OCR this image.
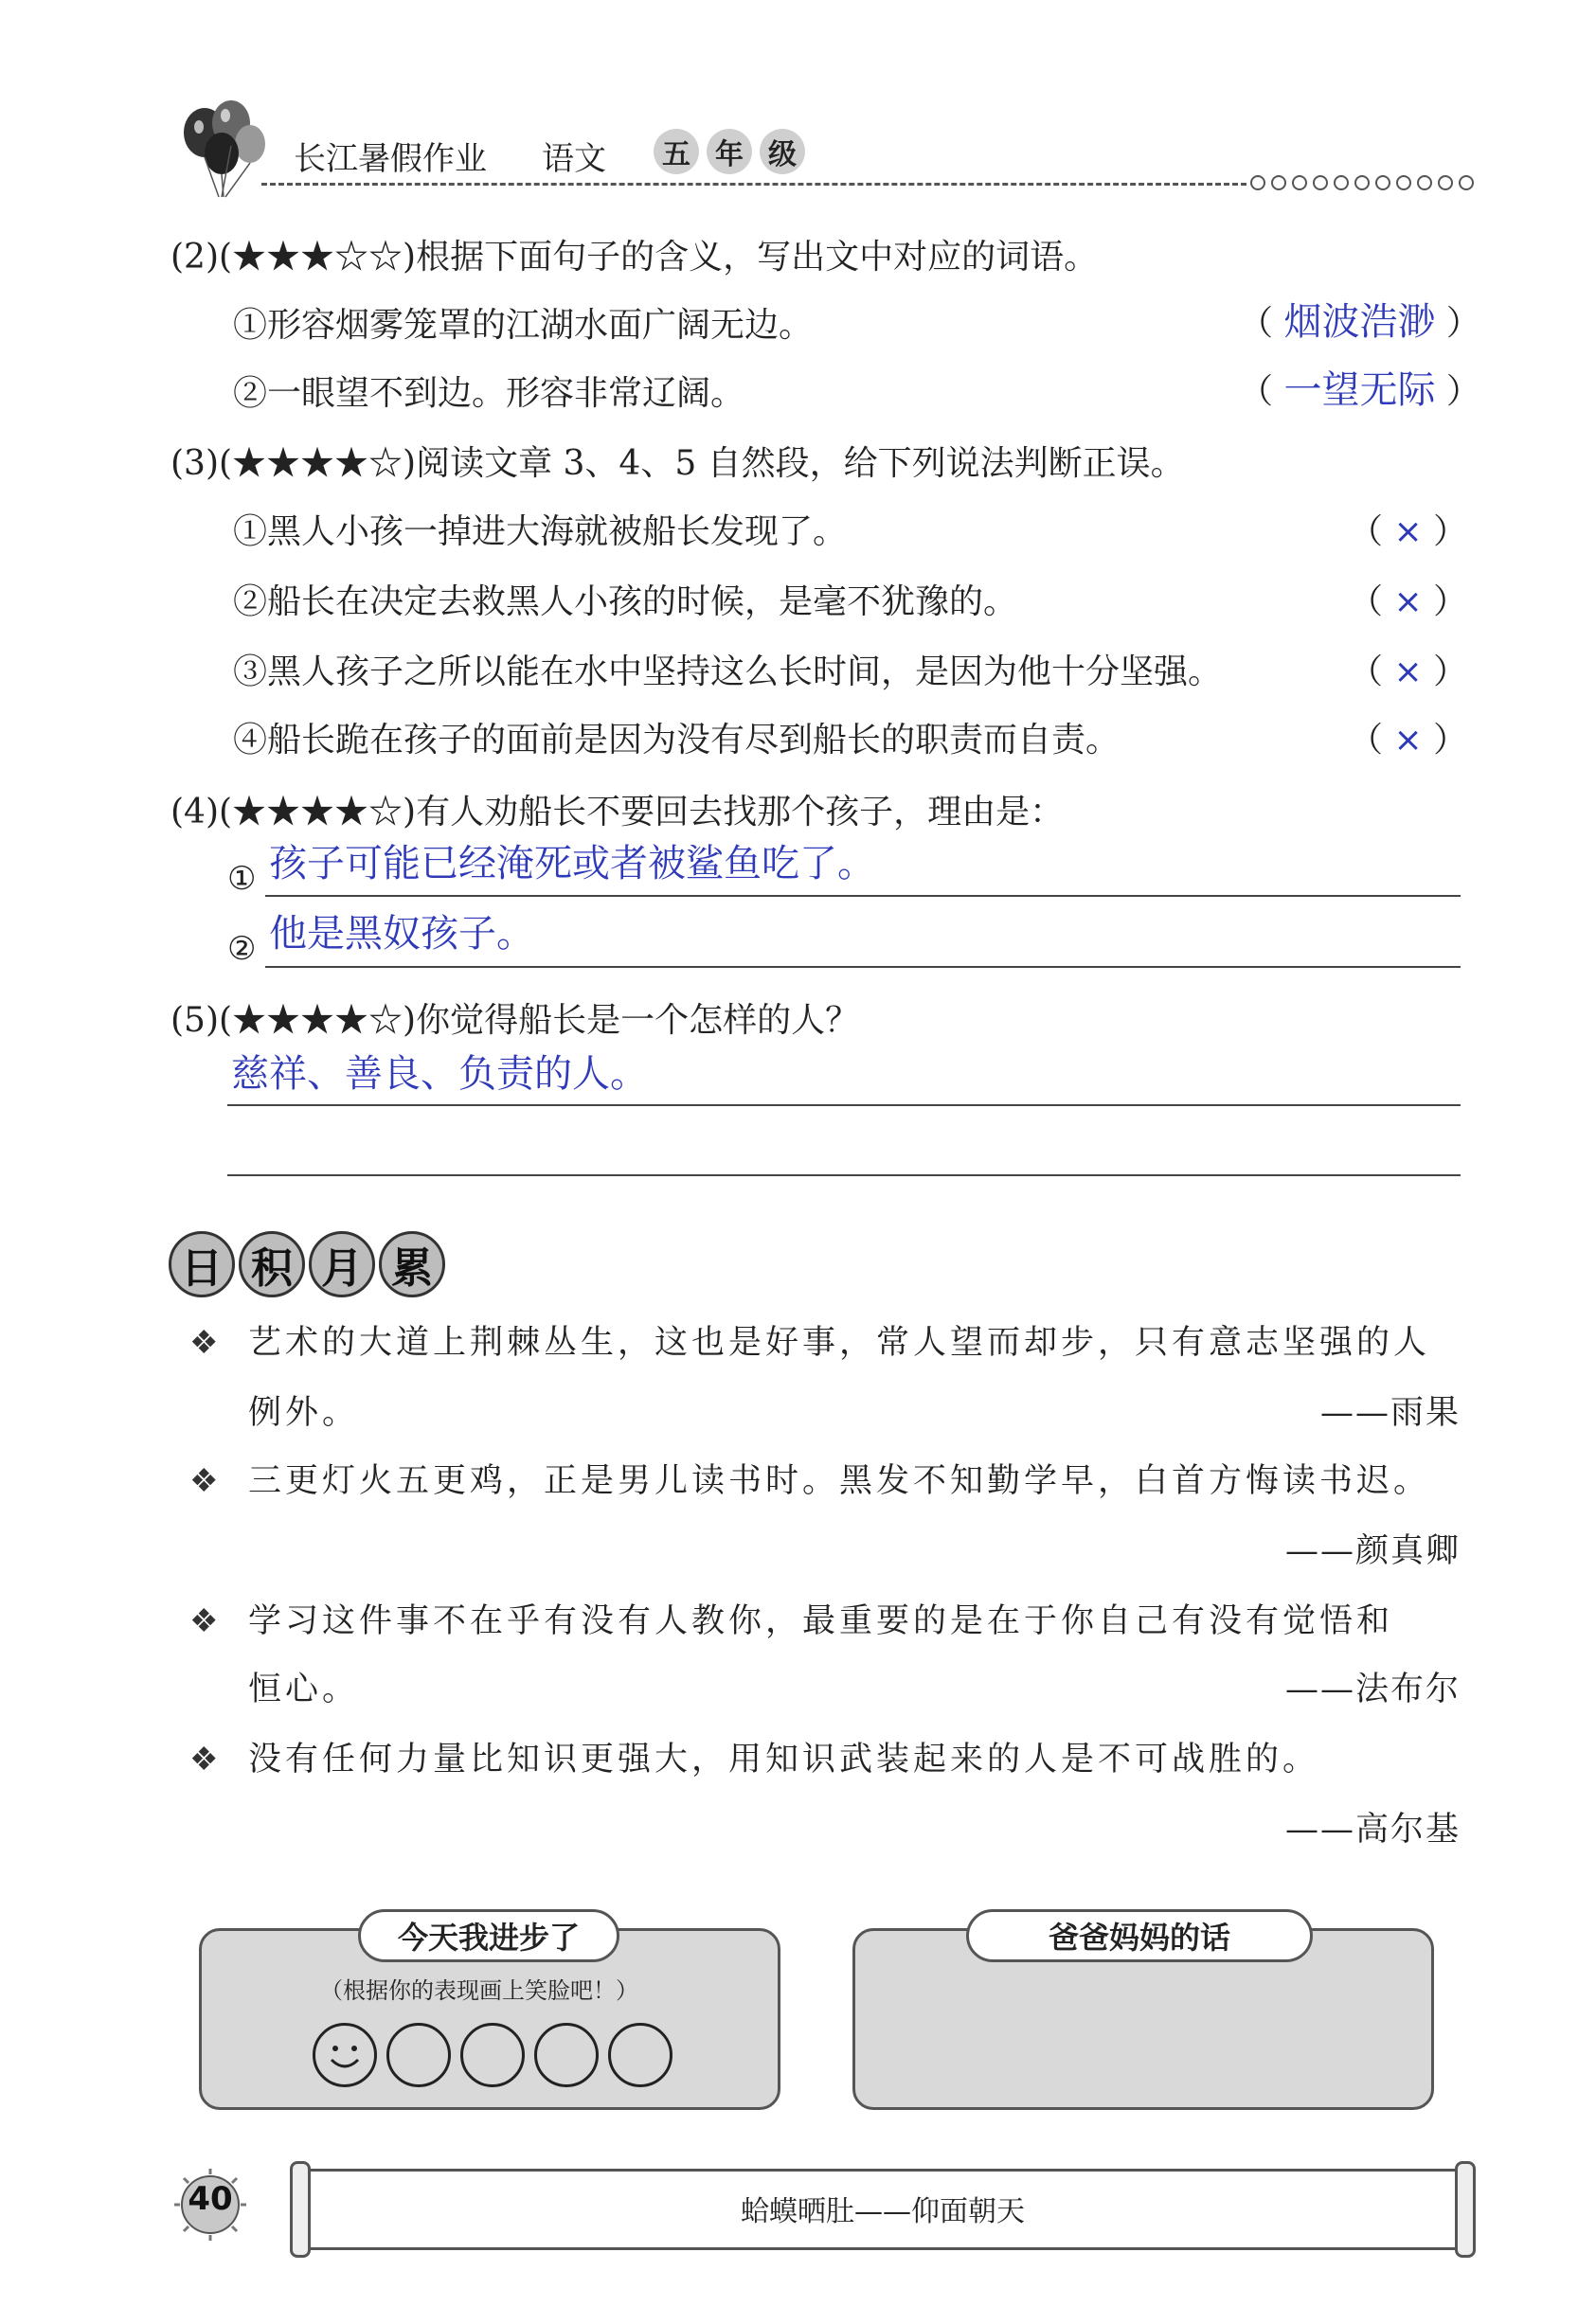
长江暑假作业 语文	五 年 级
(2)(★★★☆☆)根据下面句子的含义，写出文中对应的词语。
①形容烟雾笼罩的江湖水面广阔无边。	（ 烟波浩渺 ）
②一眼望不到边。形容非常辽阔。	（ 一望无际 ）
(3)(★★★★☆)阅读文章 3、4、5 自然段，给下列说法判断正误。
①黑人小孩一掉进大海就被船长发现了。	（ × ）
②船长在决定去救黑人小孩的时候，是毫不犹豫的。	（ × ）
③黑人孩子之所以能在水中坚持这么长时间，是因为他十分坚强。	（ × ）
④船长跪在孩子的面前是因为没有尽到船长的职责而自责。	（ × ）
(4)(★★★★☆)有人劝船长不要回去找那个孩子，理由是：
① 孩子可能已经淹死或者被鲨鱼吃了。
② 他是黑奴孩子。
(5)(★★★★☆)你觉得船长是一个怎样的人？
慈祥、善良、负责的人。
日 积 月 累
❖ 艺术的大道上荆棘丛生，这也是好事，常人望而却步，只有意志坚强的人
例外。	——雨果
❖ 三更灯火五更鸡，正是男儿读书时。黑发不知勤学早，白首方悔读书迟。
——颜真卿
❖ 学习这件事不在乎有没有人教你，最重要的是在于你自己有没有觉悟和
恒心。	——法布尔
❖ 没有任何力量比知识更强大，用知识武装起来的人是不可战胜的。
——高尔基
今天我进步了
（根据你的表现画上笑脸吧！）
爸爸妈妈的话
40	蛤蟆晒肚——仰面朝天
